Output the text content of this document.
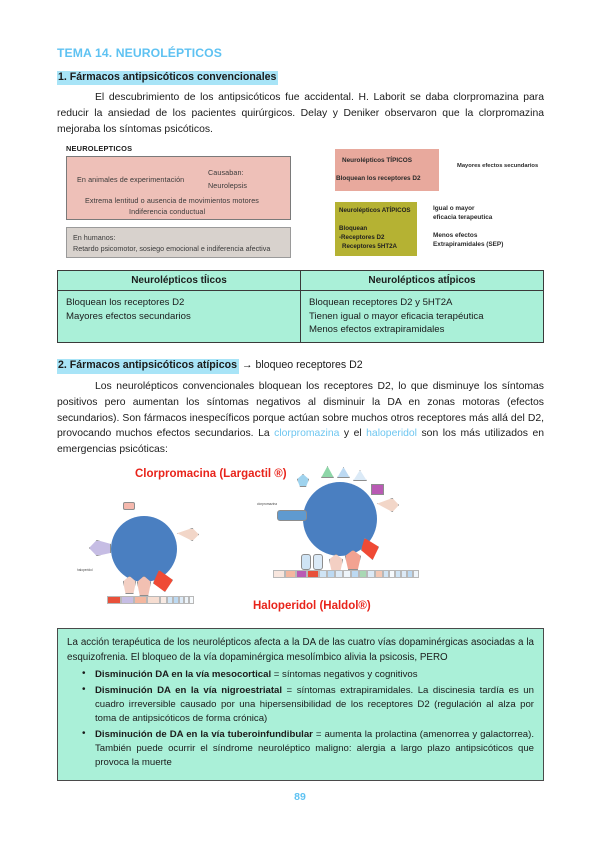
TEMA 14. NEUROLÉPTICOS
1. Fármacos antipsicóticos convencionales

El descubrimiento de los antipsicóticos fue accidental. H. Laborit se daba clorpromazina para reducir la ansiedad de los pacientes quirúrgicos. Delay y Deniker observaron que la clorpromazina mejoraba los síntomas psicóticos.

NEUROLEPTICOS
En animales de experimentación
Causaban:
Neurolepsis
Extrema lentitud o ausencia de movimientos motores
Indiferencia conductual
En humanos:
Retardo psicomotor, sosiego emocional e indiferencia afectiva
Neurolépticos TÍPICOS
Bloquean los receptores D2
Mayores efectos secundarios
Neurolépticos ATÍPICOS
Bloquean
-Receptores D2
Receptores 5HT2A
Igual o mayor
eficacia terapeutica
Menos efectos
Extrapiramidales (SEP)
Neurolépticos tÍicos	Neurolépticos atÍpicos

Bloquean los receptores D2
Mayores efectos secundarios

Bloquean receptores D2 y 5HT2A
Tienen igual o mayor eficacia terapéutica
Menos efectos extrapiramidales
2. Fármacos antipsicóticos atípicos → bloqueo receptores D2

Los neurolépticos convencionales bloquean los receptores D2, lo que disminuye los síntomas positivos pero aumentan los síntomas negativos al disminuir la DA en zonas motoras (efectos secundarios). Son fármacos inespecíficos porque actúan sobre muchos otros receptores más allá del D2, provocando muchos efectos secundarios. La clorpromazina y el haloperidol son los más utilizados en emergencias psicóticas:

Clorpromacina (Largactil ®)
Haloperidol (Haldol®)
haloperidol
clorpromazina

La acción terapéutica de los neurolépticos afecta a la DA de las cuatro vías dopaminérgicas asociadas a la esquizofrenia. El bloqueo de la vía dopaminérgica mesolímbico alivia la psicosis, PERO

• Disminución DA en la vía mesocortical = síntomas negativos y cognitivos
• Disminución DA en la vía nigroestriatal = síntomas extrapiramidales. La discinesia tardía es un cuadro irreversible causado por una hipersensibilidad de los receptores D2 (regulación al alza por toma de antipsicóticos de forma crónica)
• Disminución de DA en la vía tuberoinfundibular = aumenta la prolactina (amenorrea y galactorrea). También puede ocurrir el síndrome neuroléptico maligno: alergia a largo plazo antipsicóticos que provoca la muerte
89
